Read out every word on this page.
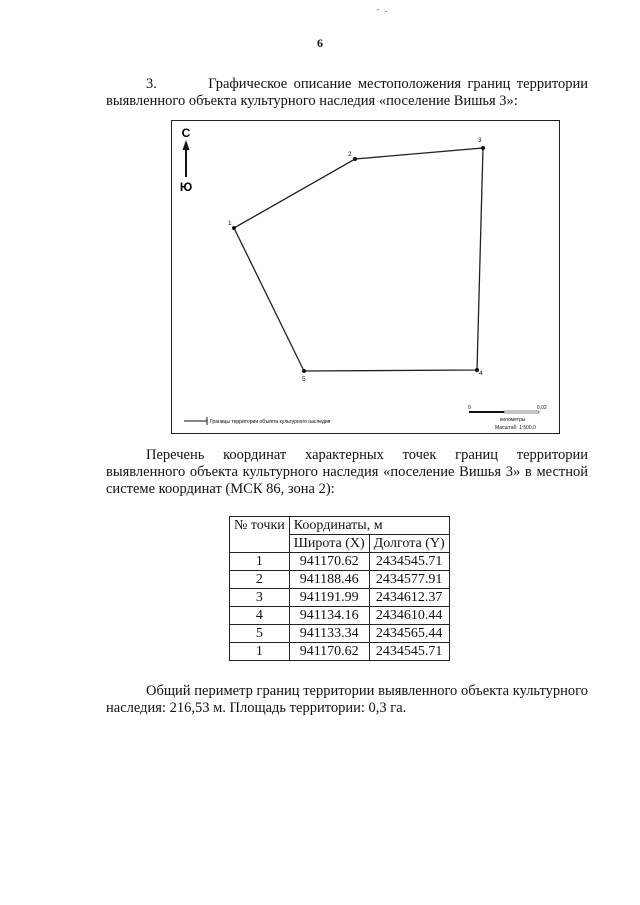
6

3.        Графическое описание местоположения границ территории выявленного объекта культурного наследия «поселение Вишья 3»:

С
Ю
1
2
3
4
5
Границы территории объекта культурного наследия
0	0,02
километры
Масштаб: 1:500,0

Перечень координат характерных точек границ территории выявленного объекта культурного наследия «поселение Вишья 3» в местной системе координат (МСК 86, зона 2):

№ точки	Координаты, м	
	Широта (X)	Долгота (Y)
1	941170.62	2434545.71
2	941188.46	2434577.91
3	941191.99	2434612.37
4	941134.16	2434610.44
5	941133.34	2434565.44
1	941170.62	2434545.71

Общий периметр границ территории выявленного объекта культурного наследия: 216,53 м. Площадь территории: 0,3 га.
